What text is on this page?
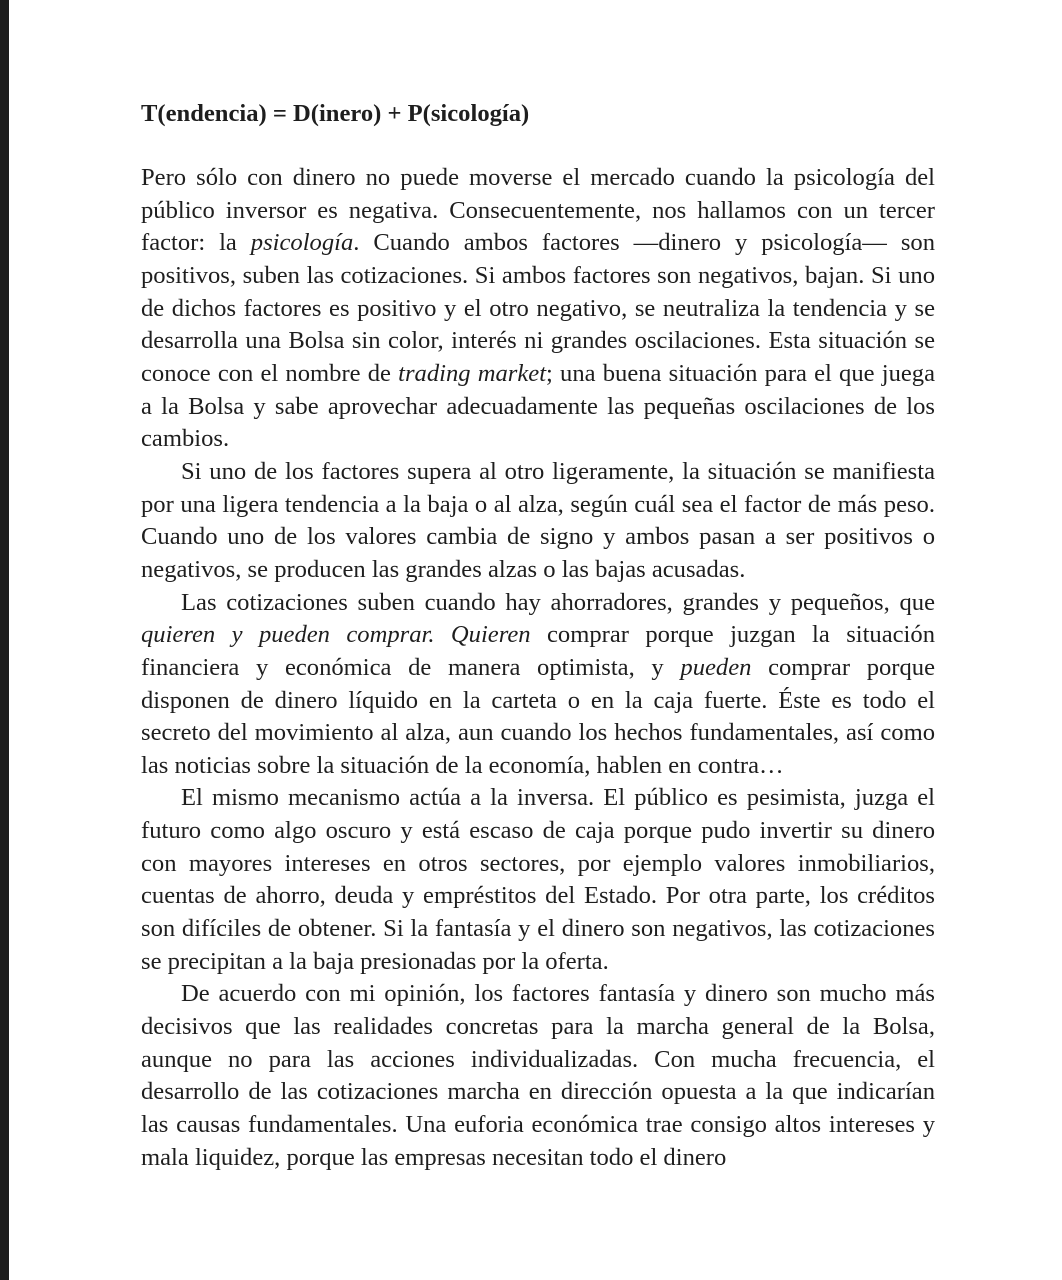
T(endencia) = D(inero) + P(sicología)

Pero sólo con dinero no puede moverse el mercado cuando la psicología del público inversor es negativa. Consecuentemente, nos hallamos con un tercer factor: la psicología. Cuando ambos factores —dinero y psicología— son positivos, suben las cotizaciones. Si ambos factores son negativos, bajan. Si uno de dichos factores es positivo y el otro negativo, se neutraliza la tendencia y se desarrolla una Bolsa sin color, interés ni grandes oscilaciones. Esta situación se conoce con el nombre de trading market; una buena situación para el que juega a la Bolsa y sabe aprovechar adecuadamente las pequeñas oscilaciones de los cambios.

Si uno de los factores supera al otro ligeramente, la situación se manifiesta por una ligera tendencia a la baja o al alza, según cuál sea el factor de más peso. Cuando uno de los valores cambia de signo y ambos pasan a ser positivos o negativos, se producen las grandes alzas o las bajas acusadas.

Las cotizaciones suben cuando hay ahorradores, grandes y pequeños, que quieren y pueden comprar. Quieren comprar porque juzgan la situación financiera y económica de manera optimista, y pueden comprar porque disponen de dinero líquido en la carteta o en la caja fuerte. Éste es todo el secreto del movimiento al alza, aun cuando los hechos fundamentales, así como las noticias sobre la situación de la economía, hablen en contra…

El mismo mecanismo actúa a la inversa. El público es pesimista, juzga el futuro como algo oscuro y está escaso de caja porque pudo invertir su dinero con mayores intereses en otros sectores, por ejemplo valores inmobiliarios, cuentas de ahorro, deuda y empréstitos del Estado. Por otra parte, los créditos son difíciles de obtener. Si la fantasía y el dinero son negativos, las cotizaciones se precipitan a la baja presionadas por la oferta.

De acuerdo con mi opinión, los factores fantasía y dinero son mucho más decisivos que las realidades concretas para la marcha general de la Bolsa, aunque no para las acciones individualizadas. Con mucha frecuencia, el desarrollo de las cotizaciones marcha en dirección opuesta a la que indicarían las causas fundamentales. Una euforia económica trae consigo altos intereses y mala liquidez, porque las empresas necesitan todo el dinero
